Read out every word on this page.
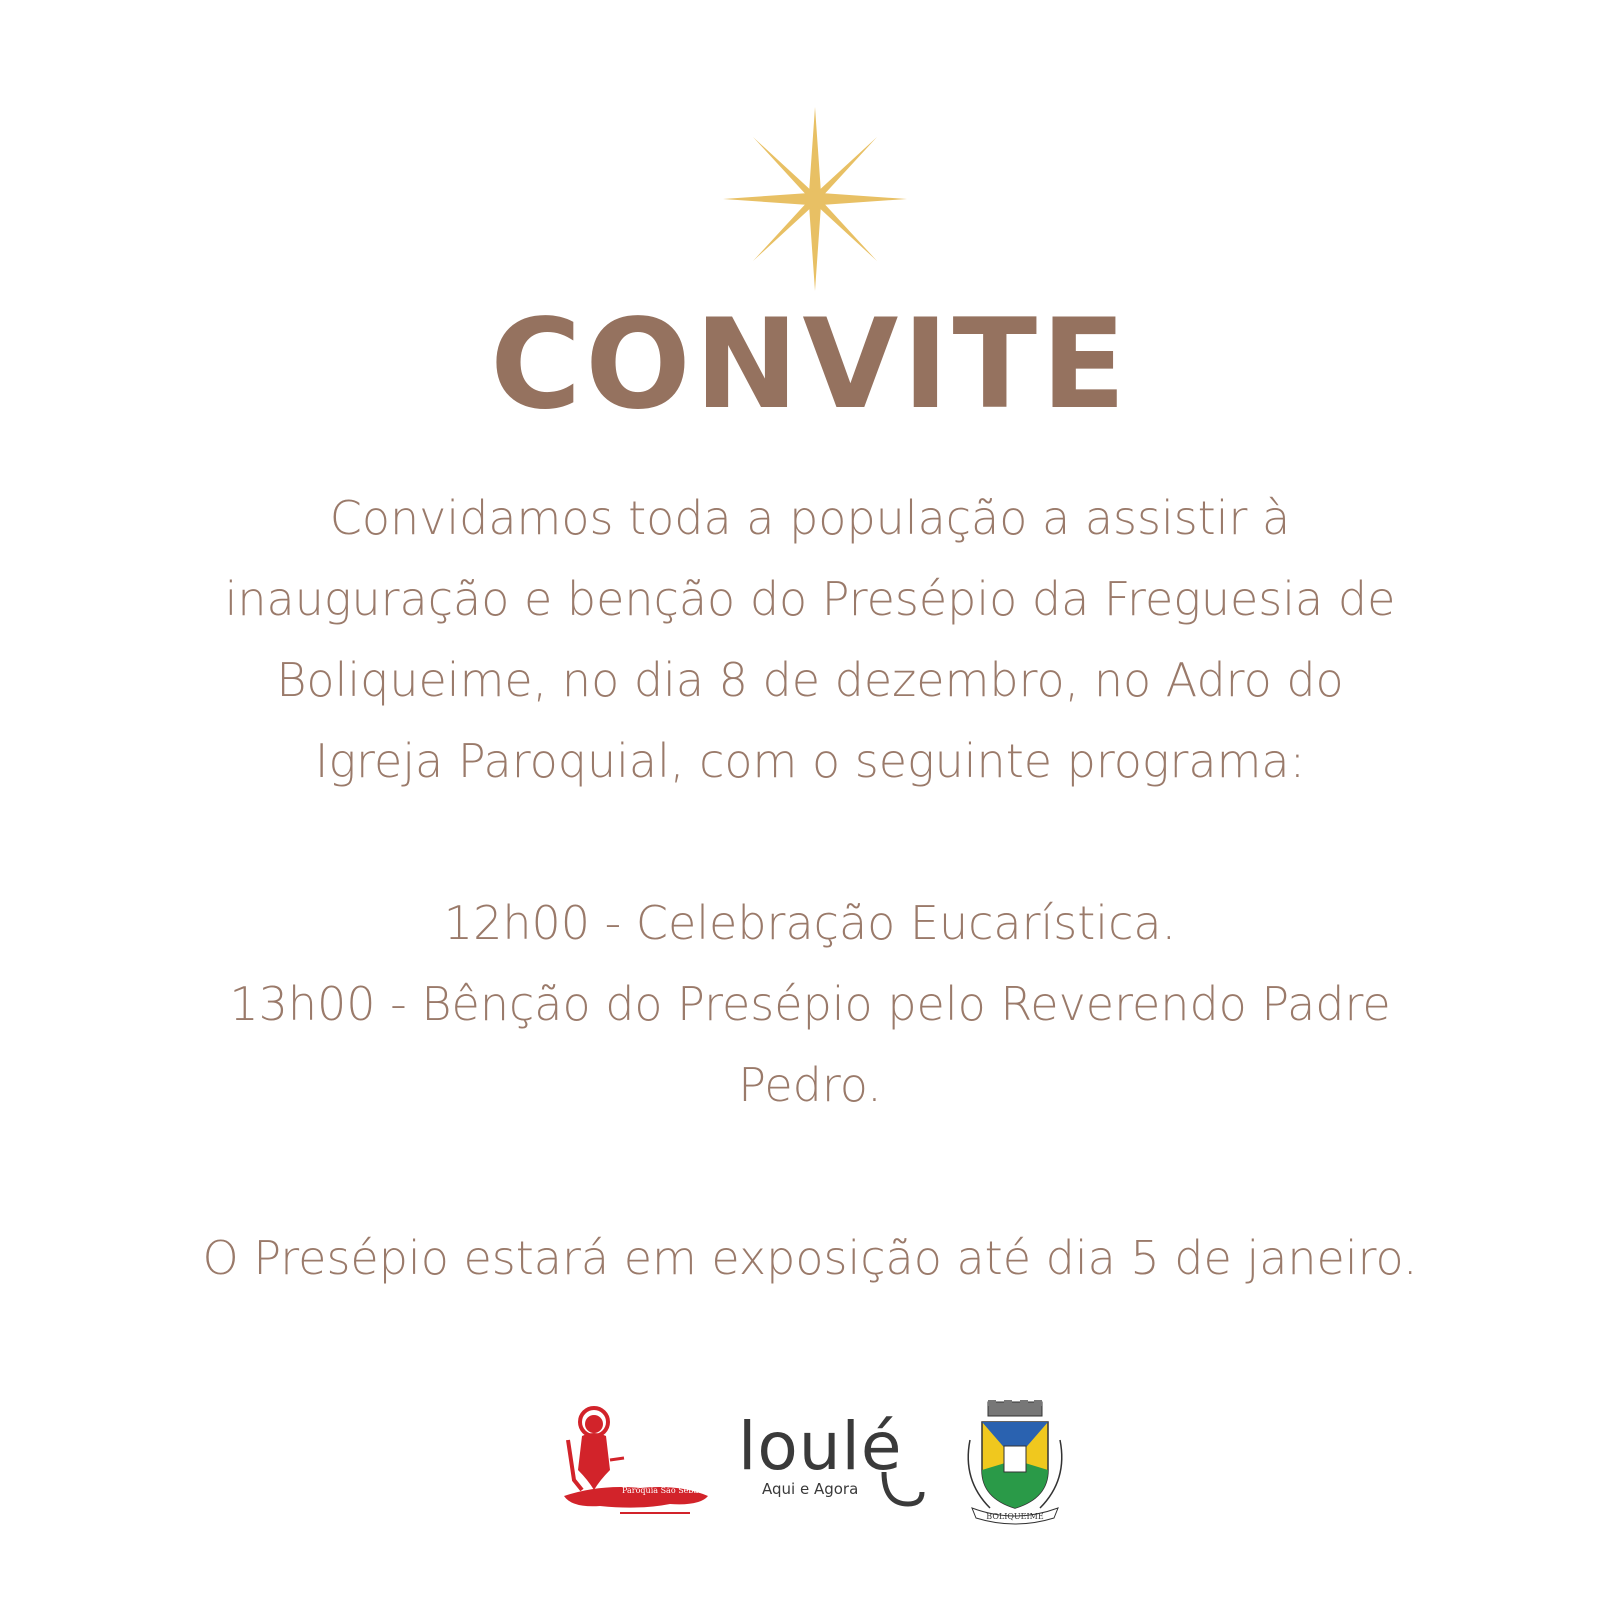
CONVITE
Convidamos toda a população a assistir à
inauguração e benção do Presépio da Freguesia de
Boliqueime, no dia 8 de dezembro, no Adro do
Igreja Paroquial, com o seguinte programa:
12h00 - Celebração Eucarística.
13h00 - Bênção do Presépio pelo Reverendo Padre
Pedro.
O Presépio estará em exposição até dia 5 de janeiro.
Paróquia São Sebastião
loulé
Aqui e Agora
BOLIQUEIME
